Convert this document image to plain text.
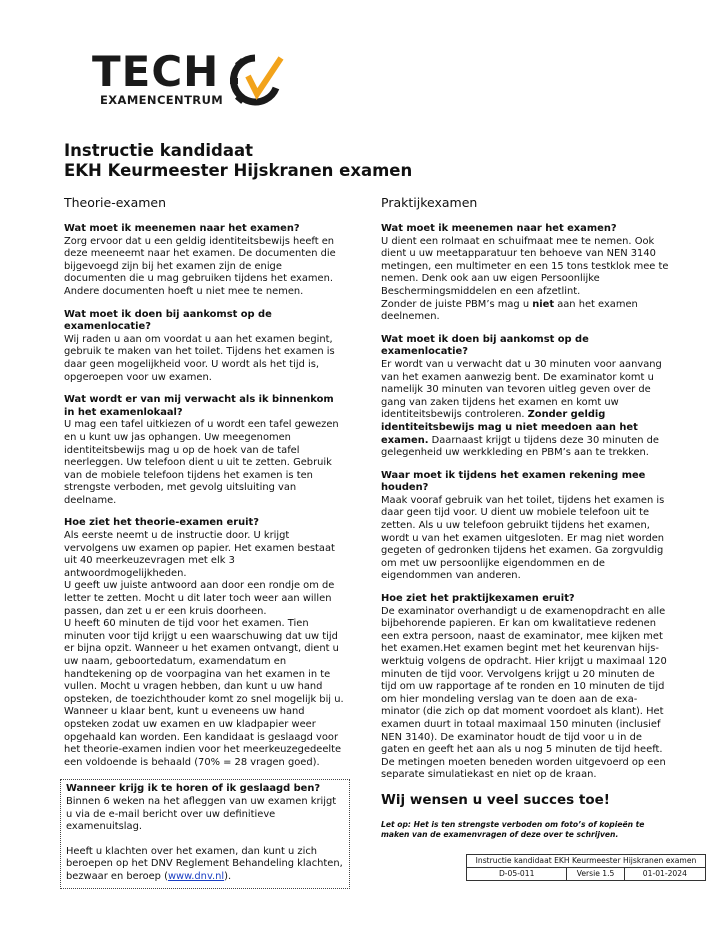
TECH
EXAMENCENTRUM
Instructie kandidaat
EKH Keurmeester Hijskranen examen
Theorie-examen
Wat moet ik meenemen naar het examen?

Zorg ervoor dat u een geldig identiteitsbewijs heeft en deze meeneemt naar het examen. De documenten die bijgevoegd zijn bij het examen zijn de enige documenten die u mag gebruiken tijdens het examen. Andere documenten hoeft u niet mee te nemen.

Wat moet ik doen bij aankomst op de examenlocatie?

Wij raden u aan om voordat u aan het examen begint, gebruik te maken van het toilet. Tijdens het examen is daar geen mogelijkheid voor. U wordt als het tijd is, opgeroepen voor uw examen.

Wat wordt er van mij verwacht als ik binnenkom in het examenlokaal?

U mag een tafel uitkiezen of u wordt een tafel gewezen en u kunt uw jas ophangen. Uw meegenomen identiteitsbewijs mag u op de hoek van de tafel neerleggen. Uw telefoon dient u uit te zetten. Gebruik van de mobiele telefoon tijdens het examen is ten strengste verboden, met gevolg uitsluiting van deelname.

Hoe ziet het theorie-examen eruit?

Als eerste neemt u de instructie door. U krijgt vervolgens uw examen op papier. Het examen bestaat uit 40 meerkeuzevragen met elk 3 antwoordmogelijkheden.

U geeft uw juiste antwoord aan door een rondje om de letter te zetten. Mocht u dit later toch weer aan willen passen, dan zet u er een kruis doorheen.

U heeft 60 minuten de tijd voor het examen. Tien minuten voor tijd krijgt u een waarschuwing dat uw tijd er bijna opzit. Wanneer u het examen ontvangt, dient u uw naam, geboortedatum, examendatum en handtekening op de voorpagina van het examen in te vullen. Mocht u vragen hebben, dan kunt u uw hand opsteken, de toezichthouder komt zo snel mogelijk bij u. Wanneer u klaar bent, kunt u eveneens uw hand opsteken zodat uw examen en uw kladpapier weer opgehaald kan worden. Een kandidaat is geslaagd voor het theorie-examen indien voor het meerkeuzegedeelte een voldoende is behaald (70% = 28 vragen goed).

Wanneer krijg ik te horen of ik geslaagd ben?

Binnen 6 weken na het afleggen van uw examen krijgt u via de e-mail bericht over uw definitieve examenuitslag.

Heeft u klachten over het examen, dan kunt u zich beroepen op het DNV Reglement Behandeling klachten, bezwaar en beroep (www.dnv.nl).

Praktijkexamen
Wat moet ik meenemen naar het examen?

U dient een rolmaat en schuifmaat mee te nemen. Ook dient u uw meetapparatuur ten behoeve van NEN 3140 metingen, een multimeter en een 15 tons testklok mee te nemen. Denk ook aan uw eigen Persoonlijke Beschermingsmiddelen en een afzetlint.

Zonder de juiste PBM’s mag u niet aan het examen deelnemen.

Wat moet ik doen bij aankomst op de examenlocatie?

Er wordt van u verwacht dat u 30 minuten voor aanvang van het examen aanwezig bent. De examinator komt u namelijk 30 minuten van tevoren uitleg geven over de gang van zaken tijdens het examen en komt uw identiteitsbewijs controleren. Zonder geldig identiteitsbewijs mag u niet meedoen aan het examen. Daarnaast krijgt u tijdens deze 30 minuten de gelegenheid uw werkkleding en PBM’s aan te trekken.

Waar moet ik tijdens het examen rekening mee houden?

Maak vooraf gebruik van het toilet, tijdens het examen is daar geen tijd voor. U dient uw mobiele telefoon uit te zetten. Als u uw telefoon gebruikt tijdens het examen, wordt u van het examen uitgesloten. Er mag niet worden gegeten of gedronken tijdens het examen. Ga zorgvuldig om met uw persoonlijke eigendommen en de eigendommen van anderen.

Hoe ziet het praktijkexamen eruit?

De examinator overhandigt u de examenopdracht en alle bijbehorende papieren. Er kan om kwalitatieve redenen een extra persoon, naast de examinator, mee kijken met het examen.Het examen begint met het keurenvan hijs-werktuig volgens de opdracht. Hier krijgt u maximaal 120 minuten de tijd voor. Vervolgens krijgt u 20 minuten de tijd om uw rapportage af te ronden en 10 minuten de tijd om hier mondeling verslag van te doen aan de exa-minator (die zich op dat moment voordoet als klant). Het examen duurt in totaal maximaal 150 minuten (inclusief NEN 3140). De examinator houdt de tijd voor u in de gaten en geeft het aan als u nog 5 minuten de tijd heeft. De metingen moeten beneden worden uitgevoerd op een separate simulatiekast en niet op de kraan.

Wij wensen u veel succes toe!

Let op: Het is ten strengste verboden om foto’s of kopieën te maken van de examenvragen of deze over te schrijven.

Instructie kandidaat EKH Keurmeester Hijskranen examen
D-05-011	Versie 1.5	01-01-2024
